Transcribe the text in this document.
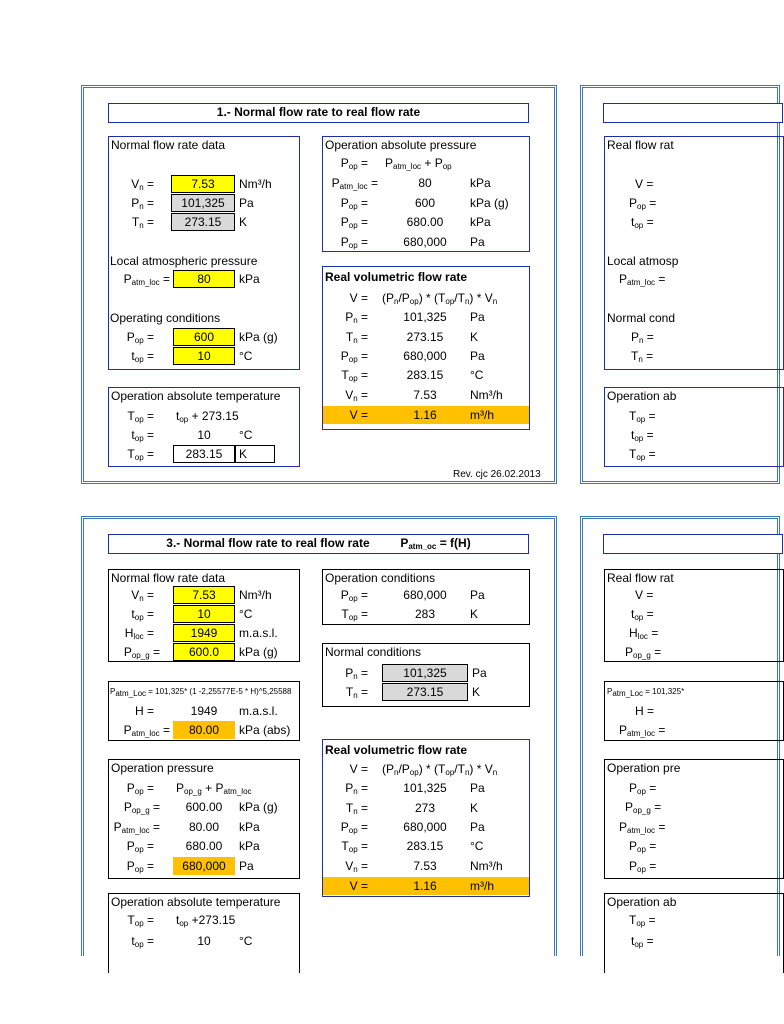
1.- Normal flow rate to real flow rate
Normal flow rate data
$V_n$ =	7.53	Nm³/h
$P_n$ =	101,325	Pa
$T_n$ =	273.15	K
Local atmospheric pressure
$P_{atm\_loc}$ =	80	kPa
Operating conditions
$P_{op}$ =	600	kPa (g)
$t_{op}$ =	10	°C
Operation absolute temperature
$T_{op} = t_{op} + 273.15$
$t_{op}$ =	10	°C
$T_{op}$ =	283.15	K
Operation absolute pressure
$P_{op} = P_{atm\_loc} + P_{op}$
$P_{atm\_loc}$ =	80	kPa
$P_{op}$ =	600	kPa (g)
$P_{op}$ =	680.00	kPa
$P_{op}$ =	680,000	Pa
Real volumetric flow rate
$V = (P_n/P_{op}) * (T_{op}/T_n) * V_n$
$P_n$ =	101,325	Pa
$T_n$ =	273.15	K
$P_{op}$ =	680,000	Pa
$T_{op}$ =	283.15	°C
$V_n$ =	7.53	Nm³/h
V =	1.16	m³/h
Rev. cjc 26.02.2013
Real flow rat
V =
$P_{op}$ =
$t_{op}$ =
Local atmosp
$P_{atm\_loc}$ =
Normal cond
$P_n$ =
$T_n$ =
Operation ab
$T_{op}$ =
$t_{op}$ =
$T_{op}$ =
3.- Normal flow rate to real flow rate	$P_{atm\_oc} = f(H)$
Normal flow rate data
$V_n$ =	7.53	Nm³/h
$t_{op}$ =	10	°C
$H_{loc}$ =	1949	m.a.s.l.
$P_{op\_g}$ =	600.0	kPa (g)
$P_{atm\_Loc} = 101,325*$ (1 -2,25577E-5 * H)^5,25588
H =	1949	m.a.s.l.
$P_{atm\_loc}$ =	80.00	kPa (abs)
Operation pressure
$P_{op} = P_{op\_g} + P_{atm\_loc}$
$P_{op\_g}$ =	600.00	kPa (g)
$P_{atm\_loc}$ =	80.00	kPa
$P_{op}$ =	680.00	kPa
$P_{op}$ =	680,000	Pa
Operation absolute temperature
$T_{op} = t_{op} +273.15$
$t_{op}$ =	10	°C
Operation conditions
$P_{op}$ =	680,000	Pa
$T_{op}$ =	283	K
Normal conditions
$P_n$ =	101,325	Pa
$T_n$ =	273.15	K
Real volumetric flow rate
$V = (P_n/P_{op}) * (T_{op}/T_n) * V_n$
$P_n$ =	101,325	Pa
$T_n$ =	273	K
$P_{op}$ =	680,000	Pa
$T_{op}$ =	283.15	°C
$V_n$ =	7.53	Nm³/h
V =	1.16	m³/h
Real flow rat
V =
$t_{op}$ =
$H_{loc}$ =
$P_{op\_g}$ =
$P_{atm\_Loc} = 101,325*$
H =
$P_{atm\_loc}$ =
Operation pre
$P_{op}$ =
$P_{op\_g}$ =
$P_{atm\_loc}$ =
$P_{op}$ =
$P_{op}$ =
Operation ab
$T_{op}$ =
$t_{op}$ =
